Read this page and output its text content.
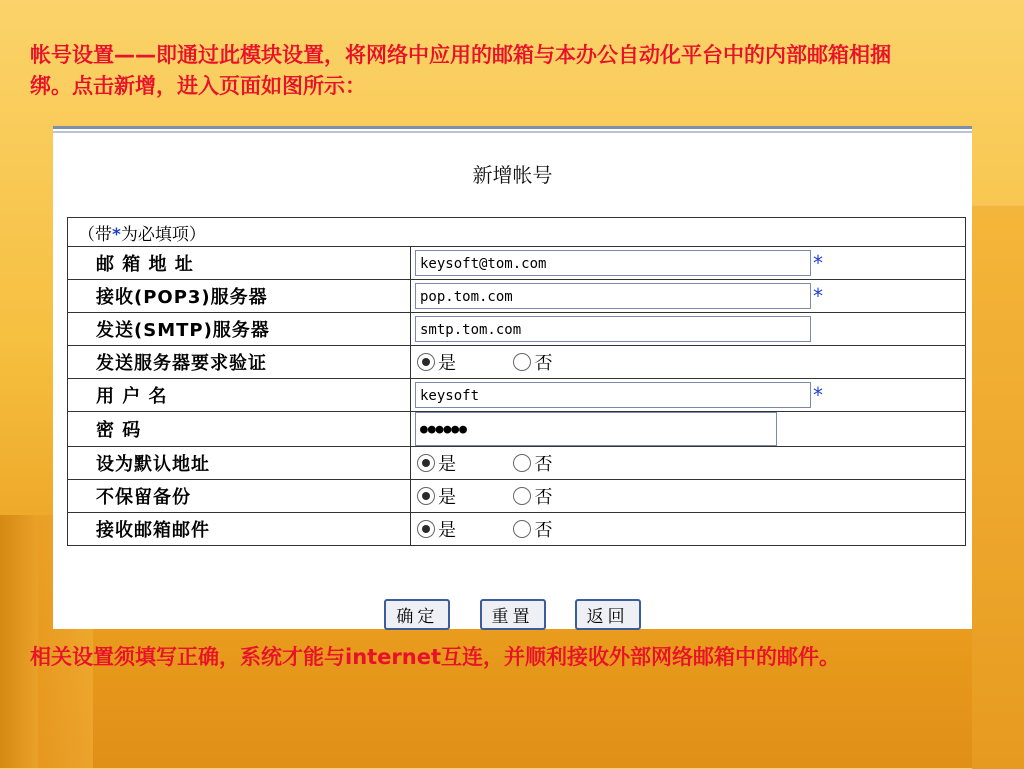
帐号设置——即通过此模块设置，将网络中应用的邮箱与本办公自动化平台中的内部邮箱相捆绑。点击新增，进入页面如图所示：

新增帐号
（带*为必填项）	
邮 箱 地 址	keysoft@tom.com *
接收(POP3)服务器	pop.tom.com *
发送(SMTP)服务器	smtp.tom.com
发送服务器要求验证	是 否
用 户 名	keysoft *
密 码	●●●●●●
设为默认地址	是 否
不保留备份	是 否
接收邮箱邮件	是 否
确定	重置	返回

相关设置须填写正确，系统才能与internet互连，并顺利接收外部网络邮箱中的邮件。
